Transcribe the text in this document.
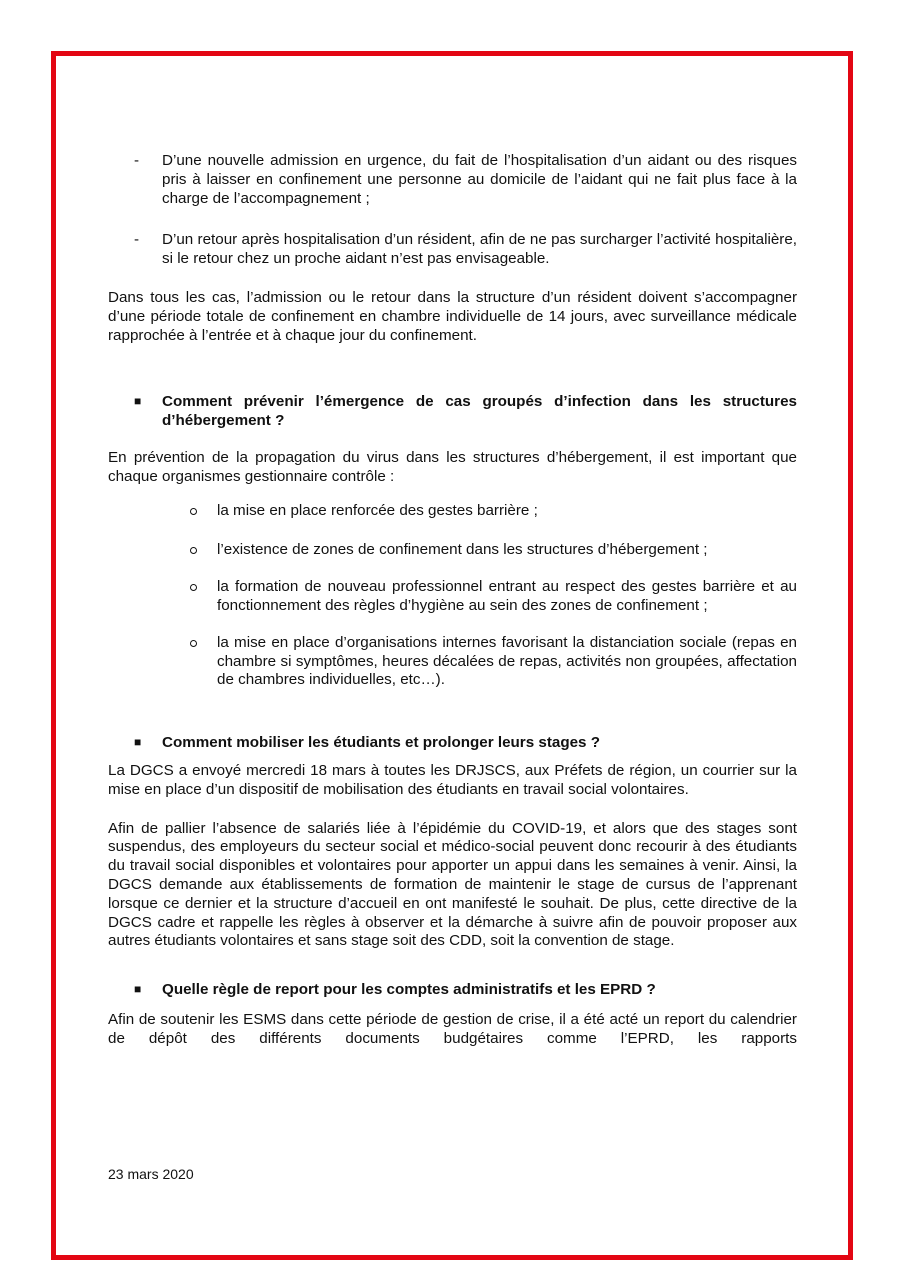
- D’une nouvelle admission en urgence, du fait de l’hospitalisation d’un aidant ou des risques pris à laisser en confinement une personne au domicile de l’aidant qui ne fait plus face à la charge de l’accompagnement ;
- D’un retour après hospitalisation d’un résident, afin de ne pas surcharger l’activité hospitalière, si le retour chez un proche aidant n’est pas envisageable.

Dans tous les cas, l’admission ou le retour dans la structure d’un résident doivent s’accompagner d’une période totale de confinement en chambre individuelle de 14 jours, avec surveillance médicale rapprochée à l’entrée et à chaque jour du confinement.

■ Comment prévenir l’émergence de cas groupés d’infection dans les structures d’hébergement ?

En prévention de la propagation du virus dans les structures d’hébergement, il est important que chaque organismes gestionnaire contrôle :

la mise en place renforcée des gestes barrière ;
l’existence de zones de confinement dans les structures d’hébergement ;
la formation de nouveau professionnel entrant au respect des gestes barrière et au fonctionnement des règles d’hygiène au sein des zones de confinement ;
la mise en place d’organisations internes favorisant la distanciation sociale (repas en chambre si symptômes, heures décalées de repas, activités non groupées, affectation de chambres individuelles, etc…).
■ Comment mobiliser les étudiants et prolonger leurs stages ?

La DGCS a envoyé mercredi 18 mars à toutes les DRJSCS, aux Préfets de région, un courrier sur la mise en place d’un dispositif de mobilisation des étudiants en travail social volontaires.

Afin de pallier l’absence de salariés liée à l’épidémie du COVID-19, et alors que des stages sont suspendus, des employeurs du secteur social et médico-social peuvent donc recourir à des étudiants du travail social disponibles et volontaires pour apporter un appui dans les semaines à venir. Ainsi, la DGCS demande aux établissements de formation de maintenir le stage de cursus de l’apprenant lorsque ce dernier et la structure d’accueil en ont manifesté le souhait. De plus, cette directive de la DGCS cadre et rappelle les règles à observer et la démarche à suivre afin de pouvoir proposer aux autres étudiants volontaires et sans stage soit des CDD, soit la convention de stage.

■ Quelle règle de report pour les comptes administratifs et les EPRD ?

Afin de soutenir les ESMS dans cette période de gestion de crise, il a été acté un report du calendrier de dépôt des différents documents budgétaires comme l’EPRD, les rapports

23 mars 2020
